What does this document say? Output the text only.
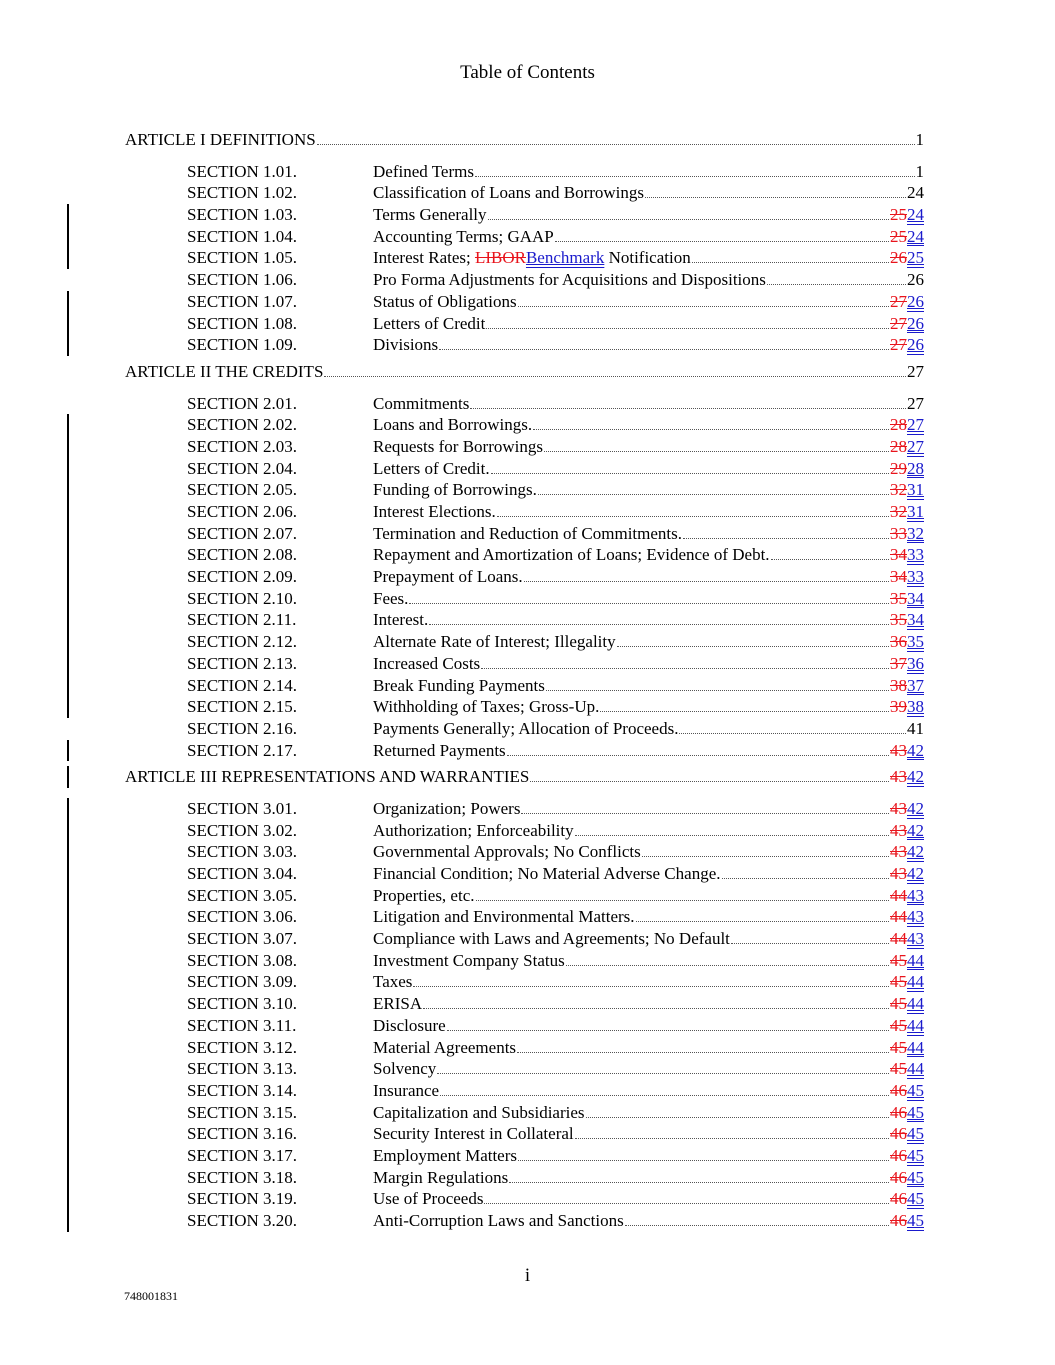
Table of Contents
ARTICLE I DEFINITIONS	1
SECTION 1.01.	Defined Terms	1
SECTION 1.02.	Classification of Loans and Borrowings	24
SECTION 1.03.	Terms Generally	2524
SECTION 1.04.	Accounting Terms; GAAP	2524
SECTION 1.05.	Interest Rates; LIBORBenchmark Notification	2625
SECTION 1.06.	Pro Forma Adjustments for Acquisitions and Dispositions	26
SECTION 1.07.	Status of Obligations	2726
SECTION 1.08.	Letters of Credit	2726
SECTION 1.09.	Divisions	2726
ARTICLE II THE CREDITS	27
SECTION 2.01.	Commitments	27
SECTION 2.02.	Loans and Borrowings.	2827
SECTION 2.03.	Requests for Borrowings	2827
SECTION 2.04.	Letters of Credit.	2928
SECTION 2.05.	Funding of Borrowings.	3231
SECTION 2.06.	Interest Elections.	3231
SECTION 2.07.	Termination and Reduction of Commitments.	3332
SECTION 2.08.	Repayment and Amortization of Loans; Evidence of Debt.	3433
SECTION 2.09.	Prepayment of Loans.	3433
SECTION 2.10.	Fees.	3534
SECTION 2.11.	Interest.	3534
SECTION 2.12.	Alternate Rate of Interest; Illegality	3635
SECTION 2.13.	Increased Costs	3736
SECTION 2.14.	Break Funding Payments	3837
SECTION 2.15.	Withholding of Taxes; Gross-Up.	3938
SECTION 2.16.	Payments Generally; Allocation of Proceeds.	41
SECTION 2.17.	Returned Payments	4342
ARTICLE III REPRESENTATIONS AND WARRANTIES	4342
SECTION 3.01.	Organization; Powers	4342
SECTION 3.02.	Authorization; Enforceability	4342
SECTION 3.03.	Governmental Approvals; No Conflicts	4342
SECTION 3.04.	Financial Condition; No Material Adverse Change.	4342
SECTION 3.05.	Properties, etc.	4443
SECTION 3.06.	Litigation and Environmental Matters.	4443
SECTION 3.07.	Compliance with Laws and Agreements; No Default	4443
SECTION 3.08.	Investment Company Status	4544
SECTION 3.09.	Taxes	4544
SECTION 3.10.	ERISA	4544
SECTION 3.11.	Disclosure	4544
SECTION 3.12.	Material Agreements	4544
SECTION 3.13.	Solvency	4544
SECTION 3.14.	Insurance	4645
SECTION 3.15.	Capitalization and Subsidiaries	4645
SECTION 3.16.	Security Interest in Collateral	4645
SECTION 3.17.	Employment Matters	4645
SECTION 3.18.	Margin Regulations	4645
SECTION 3.19.	Use of Proceeds	4645
SECTION 3.20.	Anti-Corruption Laws and Sanctions	4645
i
748001831
